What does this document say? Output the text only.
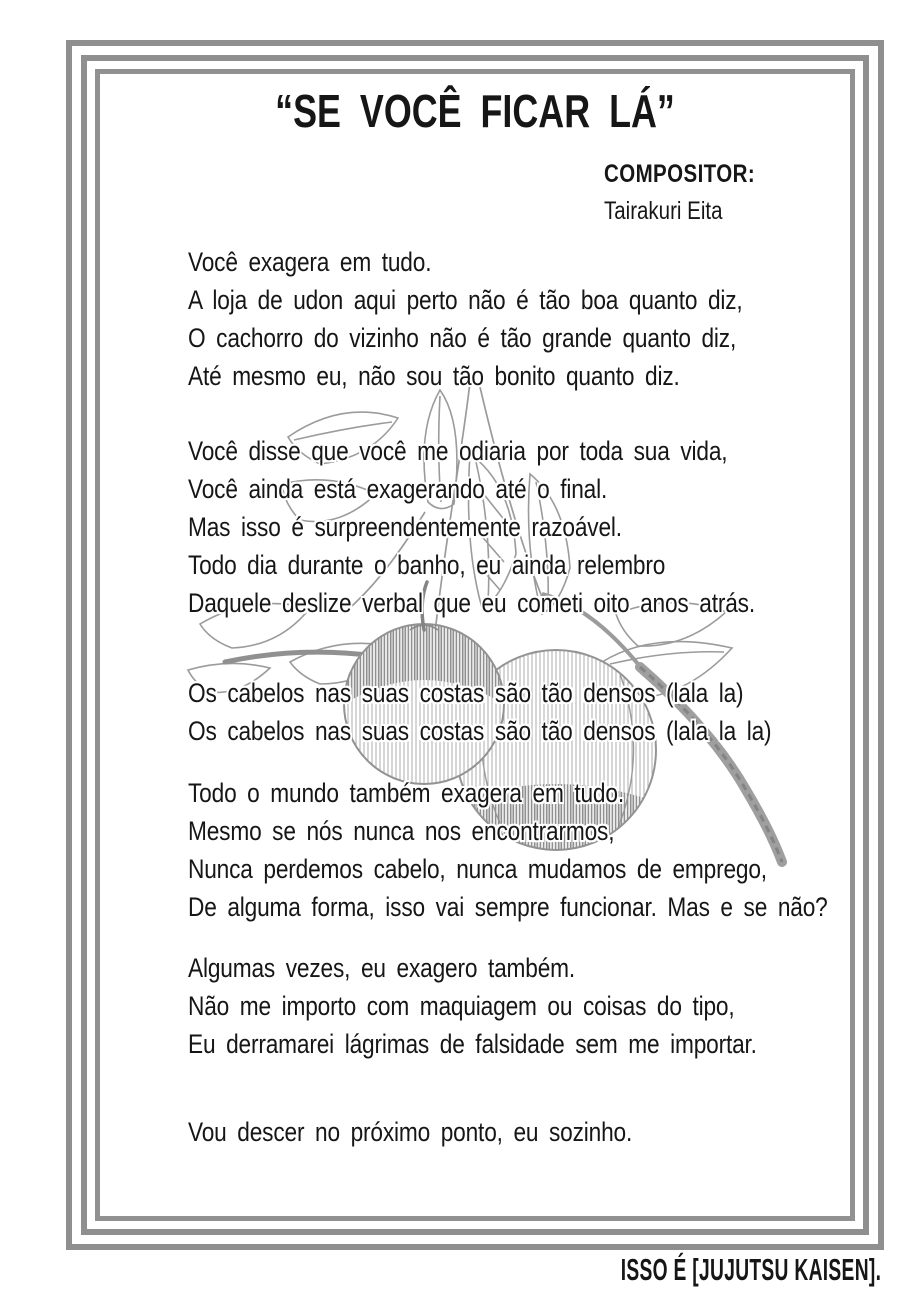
“SE VOCÊ FICAR LÁ”
COMPOSITOR:
Tairakuri Eita
Você exagera em tudo.
A loja de udon aqui perto não é tão boa quanto diz,
O cachorro do vizinho não é tão grande quanto diz,
Até mesmo eu, não sou tão bonito quanto diz.
Você disse que você me odiaria por toda sua vida,
Você ainda está exagerando até o final.
Mas isso é surpreendentemente razoável.
Todo dia durante o banho, eu ainda relembro
Daquele deslize verbal que eu cometi oito anos atrás.
Os cabelos nas suas costas são tão densos (lala la)
Os cabelos nas suas costas são tão densos (lala la la)
Todo o mundo também exagera em tudo.
Mesmo se nós nunca nos encontrarmos,
Nunca perdemos cabelo, nunca mudamos de emprego,
De alguma forma, isso vai sempre funcionar. Mas e se não?
Algumas vezes, eu exagero também.
Não me importo com maquiagem ou coisas do tipo,
Eu derramarei lágrimas de falsidade sem me importar.
Vou descer no próximo ponto, eu sozinho.
ISSO É [JUJUTSU KAISEN].
